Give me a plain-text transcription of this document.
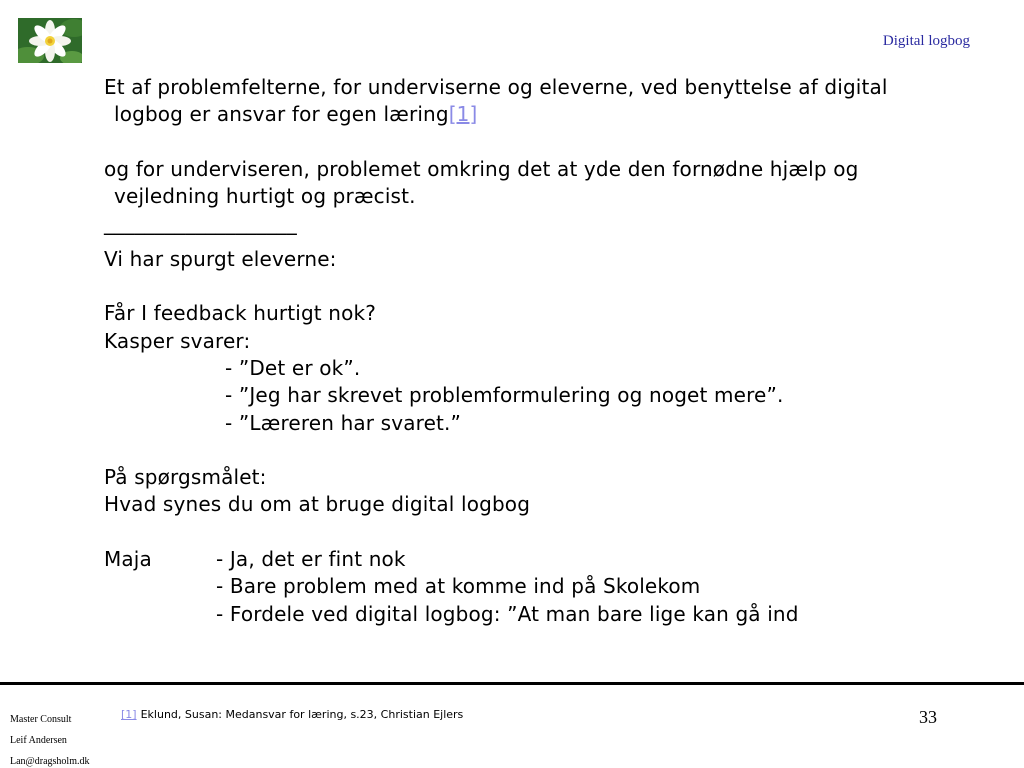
Digital logbog
Et af problemfelterne, for underviserne og eleverne, ved benyttelse af digital
logbog er ansvar for egen læring[1]
og for underviseren, problemet omkring det at yde den fornødne hjælp og
vejledning hurtigt og præcist.
___________________
Vi har spurgt eleverne:
Får I feedback hurtigt nok?
Kasper svarer:
- ”Det er ok”.
- ”Jeg har skrevet problemformulering og noget mere”.
- ”Læreren har svaret.”
På spørgsmålet:
Hvad synes du om at bruge digital logbog
Maja	- Ja, det er fint nok
- Bare problem med at komme ind på Skolekom
- Fordele ved digital logbog: ”At man bare lige kan gå ind
Master Consult
Leif Andersen
Lan@dragsholm.dk
[1] Eklund, Susan: Medansvar for læring, s.23, Christian Ejlers	33
